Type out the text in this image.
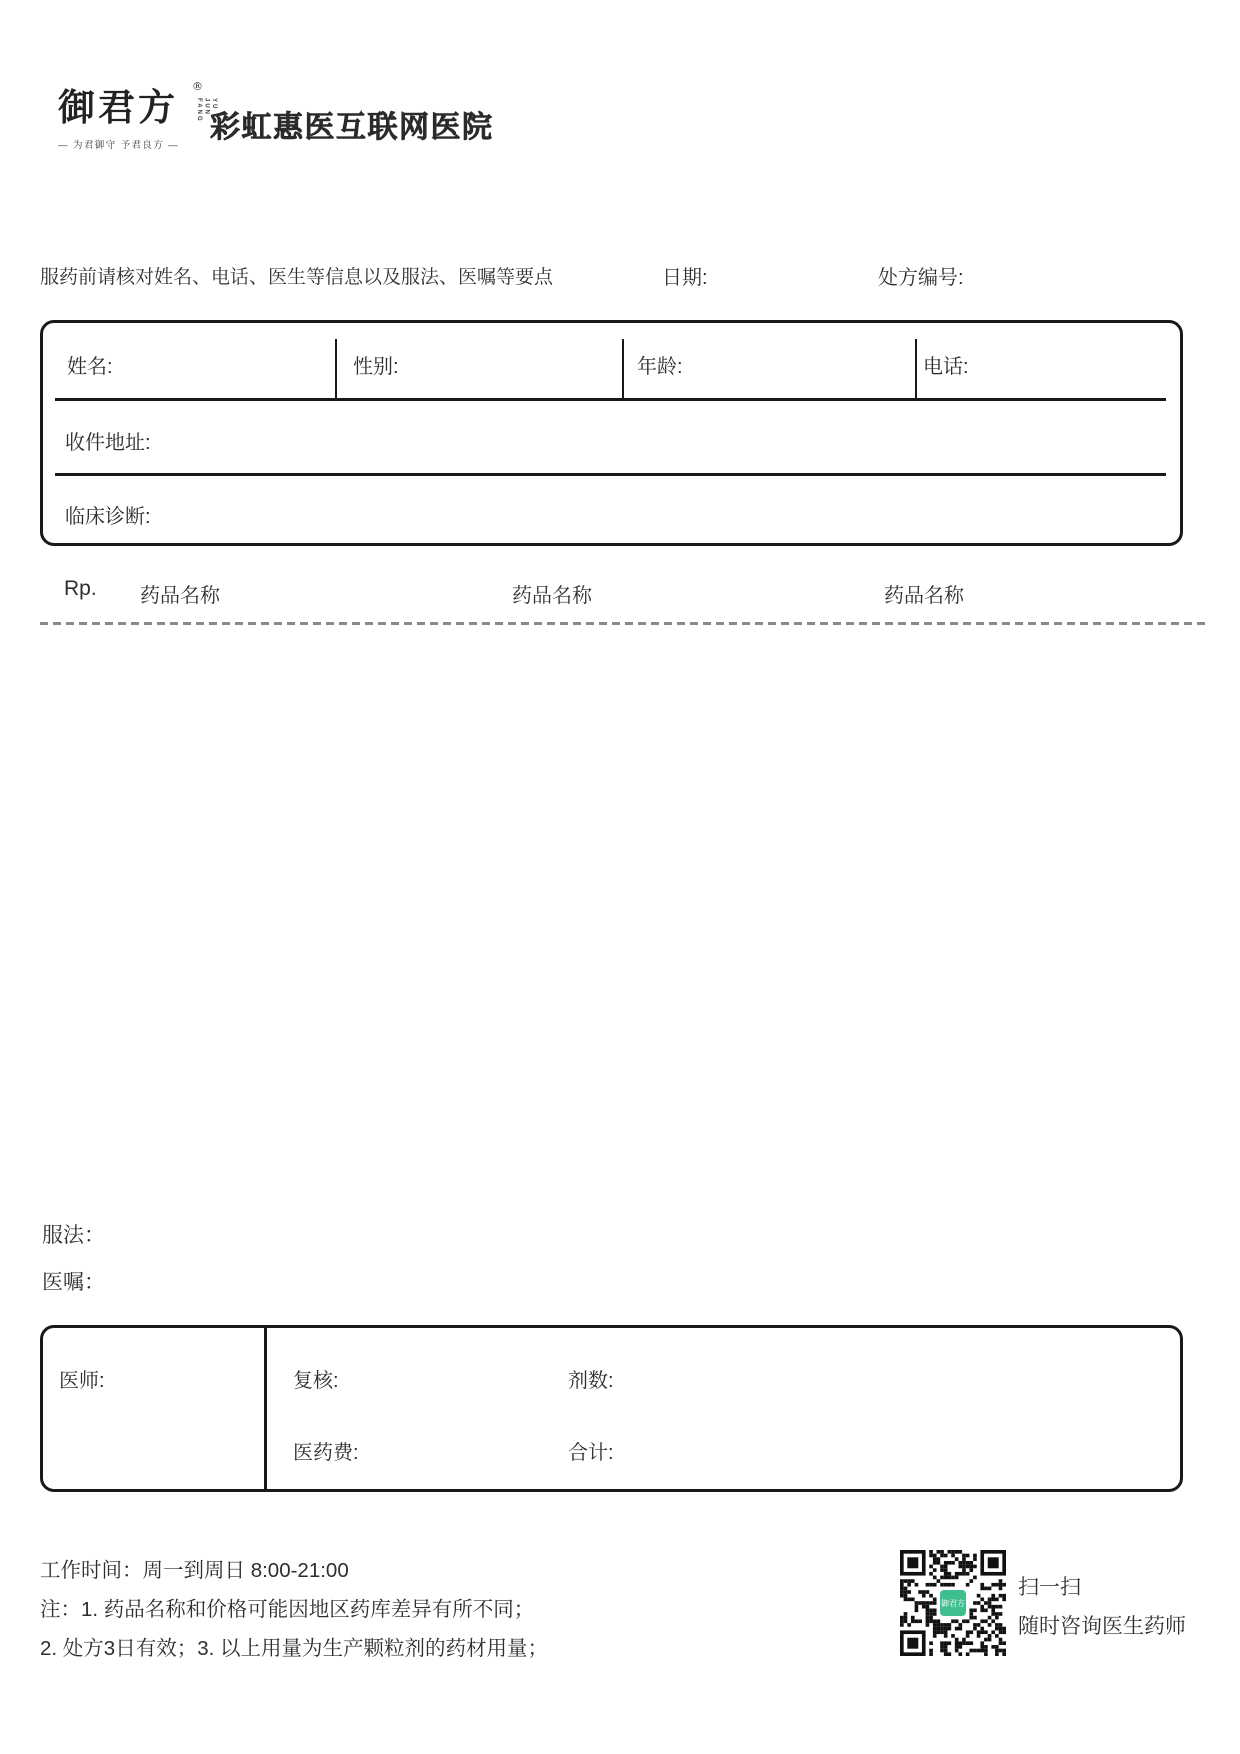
御君方 ®
YU JUN FANG
— 为君御守 予君良方 —
彩虹惠医互联网医院
服药前请核对姓名、电话、医生等信息以及服法、医嘱等要点	日期:	处方编号:
姓名:	性别:	年龄:	电话:
收件地址:
临床诊断:
Rp. 药品名称	药品名称	药品名称
服法：
医嘱：
医师:	复核:	剂数:
医药费:	合计:
工作时间：周一到周日 8:00-21:00
注：1. 药品名称和价格可能因地区药库差异有所不同；
2. 处方3日有效；3. 以上用量为生产颗粒剂的药材用量；
御君方
扫一扫
随时咨询医生药师
